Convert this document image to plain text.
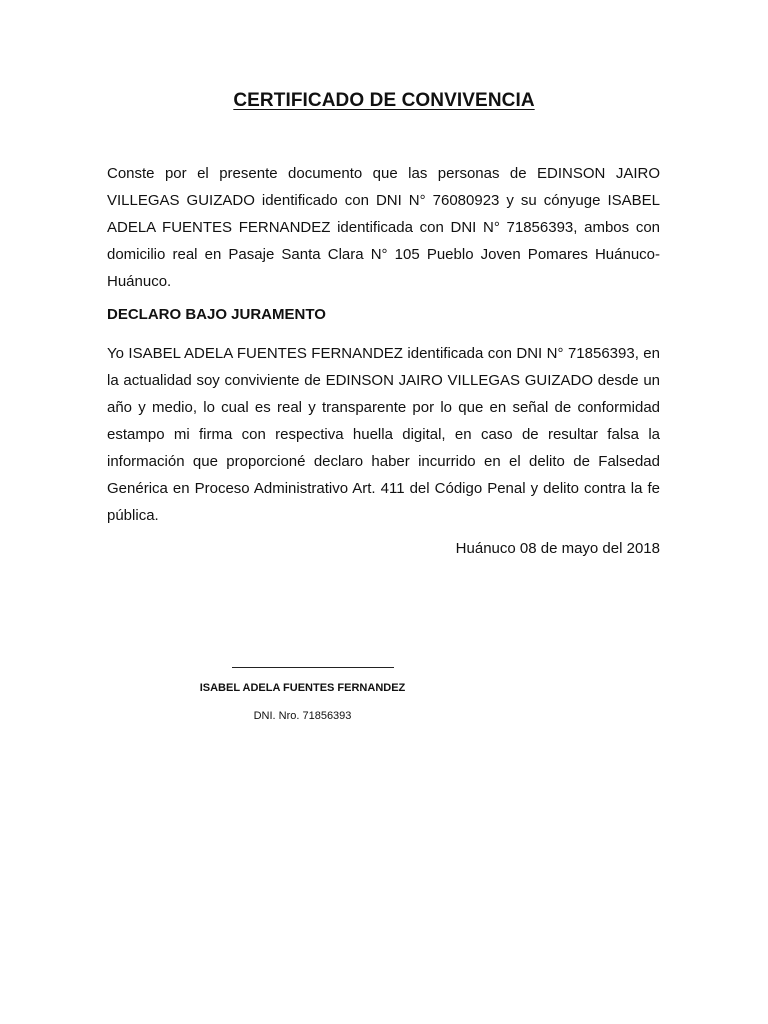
CERTIFICADO DE CONVIVENCIA

Conste por el presente documento que las personas de EDINSON JAIRO VILLEGAS GUIZADO identificado con DNI N° 76080923 y su cónyuge ISABEL ADELA FUENTES FERNANDEZ identificada con DNI N° 71856393, ambos con domicilio real en Pasaje Santa Clara N° 105 Pueblo Joven Pomares Huánuco-Huánuco.

DECLARO BAJO JURAMENTO

Yo ISABEL ADELA FUENTES FERNANDEZ identificada con DNI N° 71856393, en la actualidad soy conviviente de EDINSON JAIRO VILLEGAS GUIZADO desde un año y medio, lo cual es real y transparente por lo que en señal de conformidad estampo mi firma con respectiva huella digital, en caso de resultar falsa la información que proporcioné declaro haber incurrido en el delito de Falsedad Genérica en Proceso Administrativo Art. 411 del Código Penal y delito contra la fe pública.

Huánuco 08 de mayo del 2018

ISABEL ADELA FUENTES FERNANDEZ

DNI. Nro. 71856393
